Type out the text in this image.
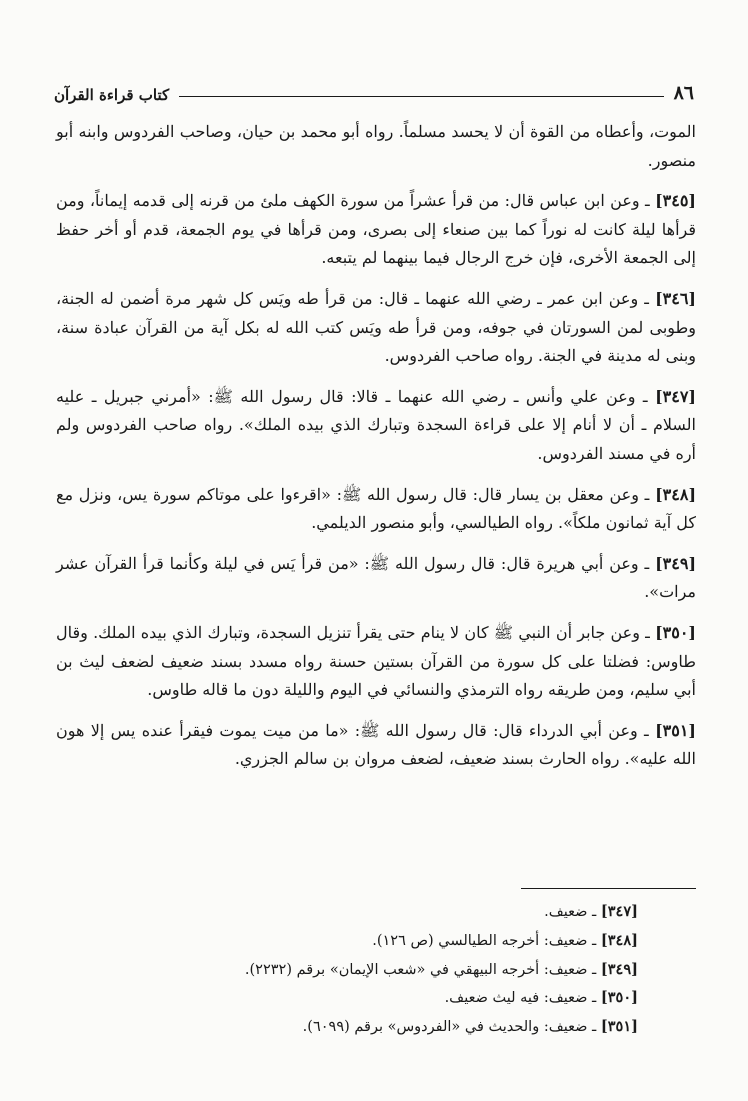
٨٦
كتاب قراءة القرآن

الموت، وأعطاه من القوة أن لا يحسد مسلماً. رواه أبو محمد بن حيان، وصاحب الفردوس وابنه أبو منصور.

[٣٤٥] ـ وعن ابن عباس قال: من قرأ عشراً من سورة الكهف ملئ من قرنه إلى قدمه إيماناً، ومن قرأها ليلة كانت له نوراً كما بين صنعاء إلى بصرى، ومن قرأها في يوم الجمعة، قدم أو أخر حفظ إلى الجمعة الأخرى، فإن خرج الرجال فيما بينهما لم يتبعه.

[٣٤٦] ـ وعن ابن عمر ـ رضي الله عنهما ـ قال: من قرأ طه ويَس كل شهر مرة أضمن له الجنة، وطوبى لمن السورتان في جوفه، ومن قرأ طه ويَس كتب الله له بكل آية من القرآن عبادة سنة، وبنى له مدينة في الجنة. رواه صاحب الفردوس.

[٣٤٧] ـ وعن علي وأنس ـ رضي الله عنهما ـ قالا: قال رسول الله ﷺ: «أمرني جبريل ـ عليه السلام ـ أن لا أنام إلا على قراءة السجدة وتبارك الذي بيده الملك». رواه صاحب الفردوس ولم أره في مسند الفردوس.

[٣٤٨] ـ وعن معقل بن يسار قال: قال رسول الله ﷺ: «اقرءوا على موتاكم سورة يس، ونزل مع كل آية ثمانون ملكاً». رواه الطيالسي، وأبو منصور الديلمي.

[٣٤٩] ـ وعن أبي هريرة قال: قال رسول الله ﷺ: «من قرأ يَس في ليلة وكأنما قرأ القرآن عشر مرات».

[٣٥٠] ـ وعن جابر أن النبي ﷺ كان لا ينام حتى يقرأ تنزيل السجدة، وتبارك الذي بيده الملك. وقال طاوس: فضلتا على كل سورة من القرآن بستين حسنة رواه مسدد بسند ضعيف لضعف ليث بن أبي سليم، ومن طريقه رواه الترمذي والنسائي في اليوم والليلة دون ما قاله طاوس.

[٣٥١] ـ وعن أبي الدرداء قال: قال رسول الله ﷺ: «ما من ميت يموت فيقرأ عنده يس إلا هون الله عليه». رواه الحارث بسند ضعيف، لضعف مروان بن سالم الجزري.

[٣٤٧] ـ ضعيف.

[٣٤٨] ـ ضعيف: أخرجه الطيالسي (ص ١٢٦).

[٣٤٩] ـ ضعيف: أخرجه البيهقي في «شعب الإيمان» برقم (٢٢٣٢).

[٣٥٠] ـ ضعيف: فيه ليث ضعيف.

[٣٥١] ـ ضعيف: والحديث في «الفردوس» برقم (٦٠٩٩).
